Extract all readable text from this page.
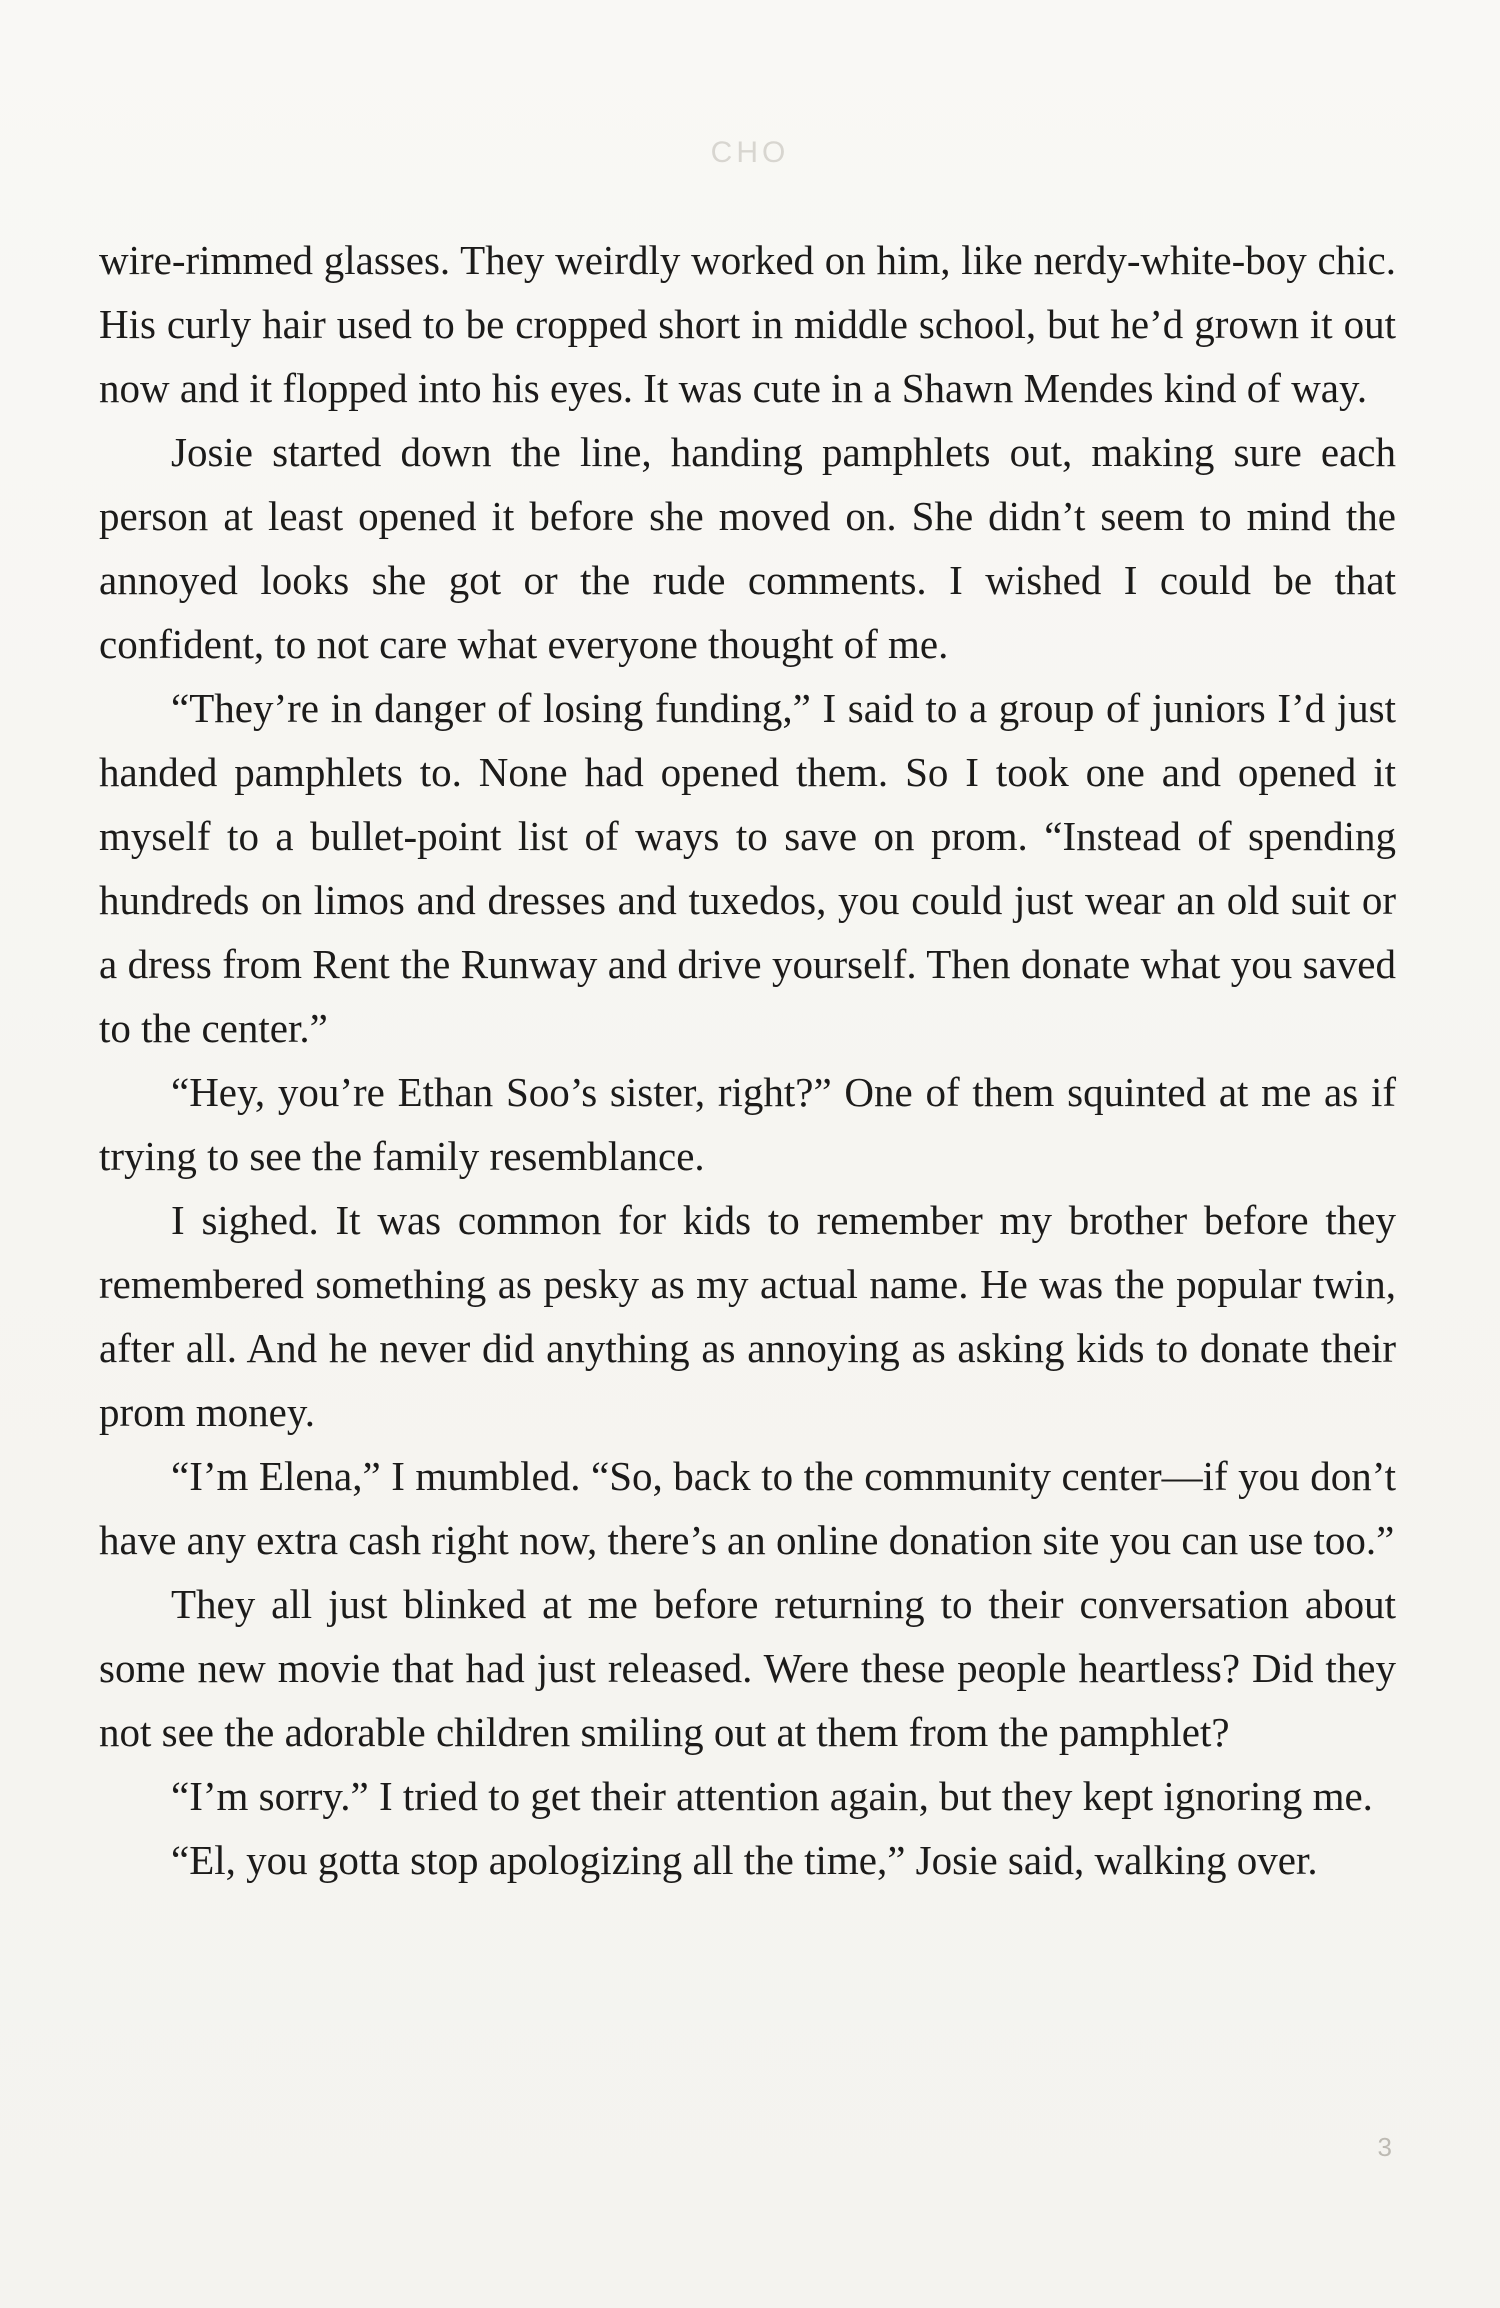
CHO

wire-rimmed glasses. They weirdly worked on him, like nerdy-white-boy chic. His curly hair used to be cropped short in middle school, but he’d grown it out now and it flopped into his eyes. It was cute in a Shawn Mendes kind of way.

Josie started down the line, handing pamphlets out, making sure each person at least opened it before she moved on. She didn’t seem to mind the annoyed looks she got or the rude comments. I wished I could be that confident, to not care what everyone thought of me.

“They’re in danger of losing funding,” I said to a group of juniors I’d just handed pamphlets to. None had opened them. So I took one and opened it myself to a bullet-point list of ways to save on prom. “Instead of spending hundreds on limos and dresses and tuxedos, you could just wear an old suit or a dress from Rent the Runway and drive yourself. Then donate what you saved to the center.”

“Hey, you’re Ethan Soo’s sister, right?” One of them squinted at me as if trying to see the family resemblance.

I sighed. It was common for kids to remember my brother before they remembered something as pesky as my actual name. He was the popular twin, after all. And he never did anything as annoying as asking kids to donate their prom money.

“I’m Elena,” I mumbled. “So, back to the community center—if you don’t have any extra cash right now, there’s an online donation site you can use too.”

They all just blinked at me before returning to their conversation about some new movie that had just released. Were these people heartless? Did they not see the adorable children smiling out at them from the pamphlet?

“I’m sorry.” I tried to get their attention again, but they kept ignoring me.

“El, you gotta stop apologizing all the time,” Josie said, walking over.

3
